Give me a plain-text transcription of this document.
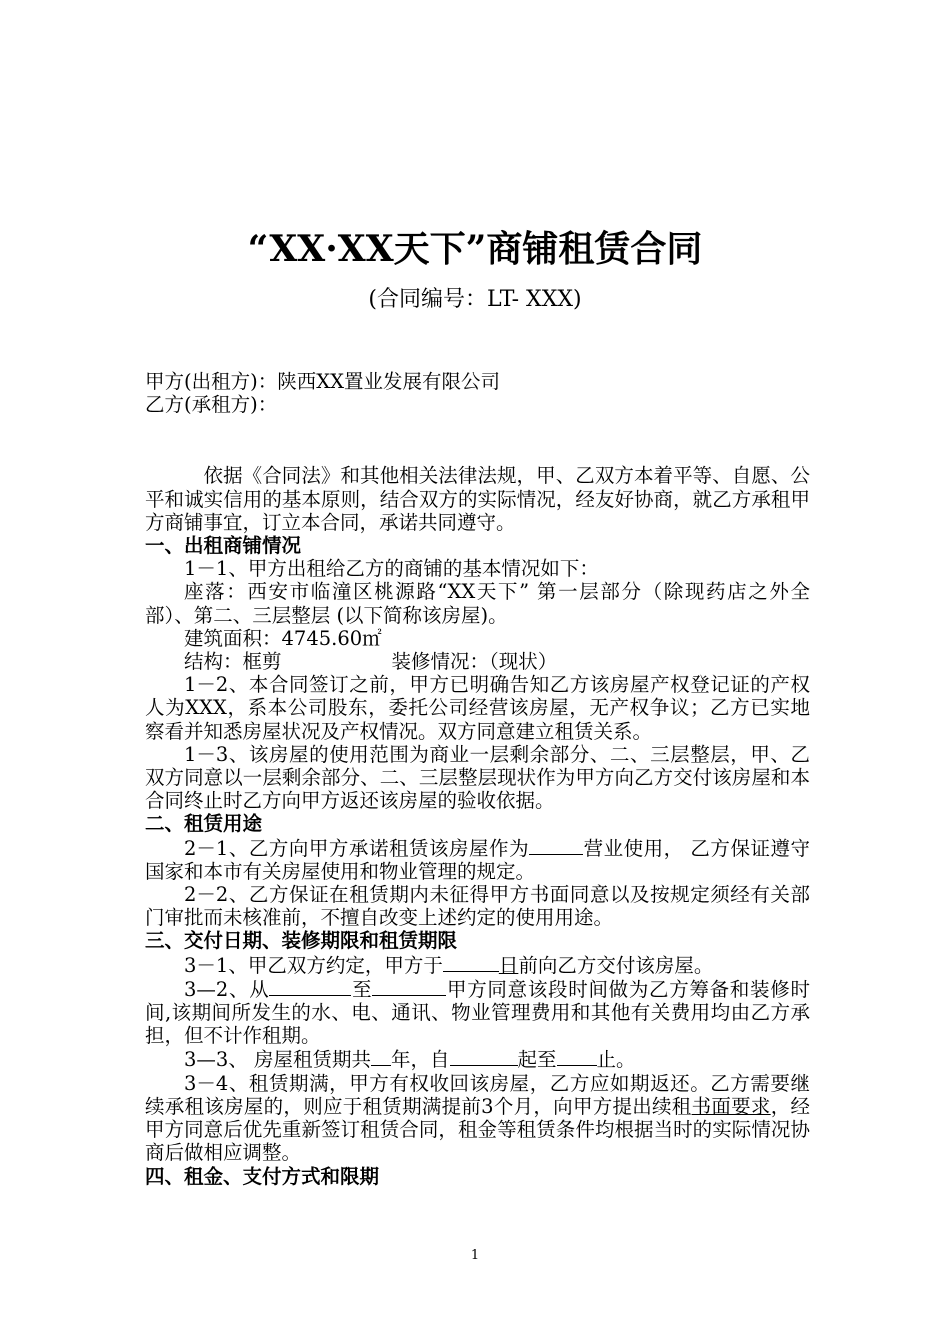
“XX·XX天下”商铺租赁合同
(合同编号：LT- XXX)

甲方(出租方)：陕西XX置业发展有限公司

乙方(承租方)：

依据《合同法》和其他相关法律法规，甲、乙双方本着平等、自愿、公平和诚实信用的基本原则，结合双方的实际情况，经友好协商，就乙方承租甲方商铺事宜，订立本合同，承诺共同遵守。

一、出租商铺情况

1－1、甲方出租给乙方的商铺的基本情况如下：

座落：西安市临潼区桃源路“XX天下” 第一层部分（除现药店之外全部）、第二、三层整层 (以下简称该房屋)。

建筑面积：4745.60㎡

结构：框剪	装修情况：（现状）

1－2、本合同签订之前，甲方已明确告知乙方该房屋产权登记证的产权人为XXX，系本公司股东，委托公司经营该房屋，无产权争议；乙方已实地察看并知悉房屋状况及产权情况。双方同意建立租赁关系。

1－3、该房屋的使用范围为商业一层剩余部分、二、三层整层，甲、乙双方同意以一层剩余部分、二、三层整层现状作为甲方向乙方交付该房屋和本合同终止时乙方向甲方返还该房屋的验收依据。

二、租赁用途

2－1、乙方向甲方承诺租赁该房屋作为	营业使用， 乙方保证遵守国家和本市有关房屋使用和物业管理的规定。

2－2、乙方保证在租赁期内未征得甲方书面同意以及按规定须经有关部门审批而未核准前，不擅自改变上述约定的使用用途。

三、交付日期、装修期限和租赁期限

3－1、甲乙双方约定，甲方于	日前向乙方交付该房屋。

3—2、从	至	甲方同意该段时间做为乙方筹备和装修时间,该期间所发生的水、电、通讯、物业管理费用和其他有关费用均由乙方承担，但不计作租期。

3—3、 房屋租赁期共 年，自	起至 止。

3－4、租赁期满，甲方有权收回该房屋，乙方应如期返还。乙方需要继续承租该房屋的，则应于租赁期满提前3个月，向甲方提出续租书面要求，经甲方同意后优先重新签订租赁合同，租金等租赁条件均根据当时的实际情况协商后做相应调整。

四、租金、支付方式和限期

1
